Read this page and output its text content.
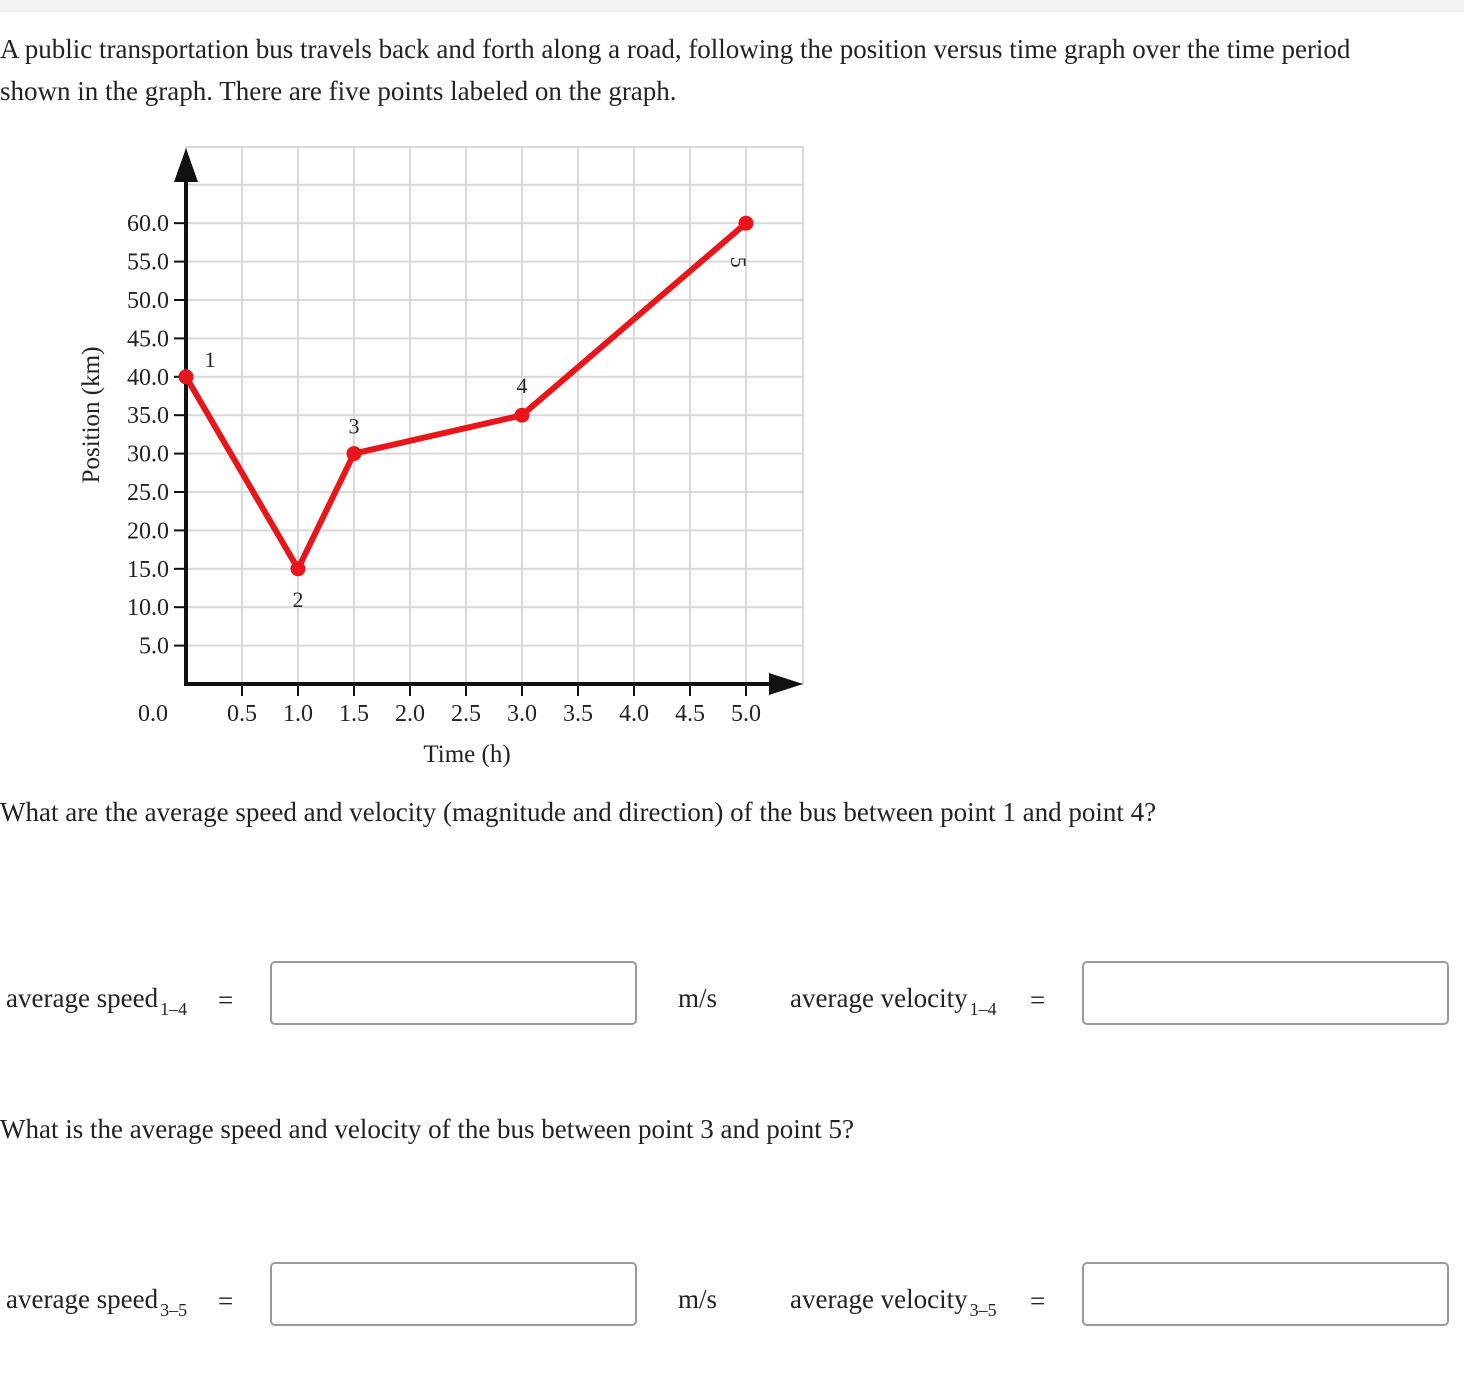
A public transportation bus travels back and forth along a road, following the position versus time graph over the time period
shown in the graph. There are five points labeled on the graph.
0.0
5.0
10.0
15.0
20.0
25.0
30.0
35.0
40.0
45.0
50.0
55.0
60.0
0.5 1.0 1.5 2.0 2.5 3.0 3.5 4.0 4.5 5.0
1
2
3
4
5
Time (h)
Position (km)
What are the average speed and velocity (magnitude and direction) of the bus between point 1 and point 4?
average speed $_{1-4}$ =	m/s	average velocity $_{1-4}$ =
What is the average speed and velocity of the bus between point 3 and point 5?
average speed $_{3-5}$ =	m/s	average velocity $_{3-5}$ =
